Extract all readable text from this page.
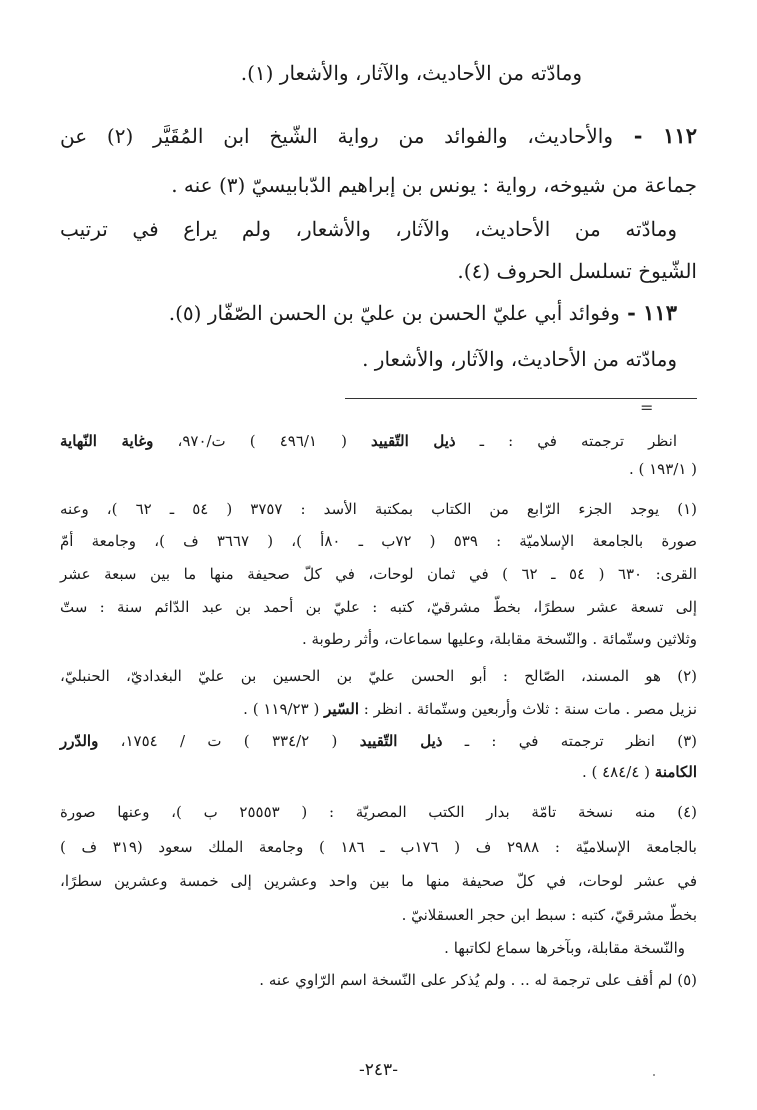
ومادّته من الأحاديث، والآثار، والأشعار (١).
١١٢ - والأحاديث، والفوائد من رواية الشّيخ ابن المُقَيَّر (٢) عن
جماعة من شيوخه، رواية : يونس بن إبراهيم الدّبابيسيّ (٣) عنه .
ومادّته من الأحاديث، والآثار، والأشعار، ولم يراع في ترتيب
الشّيوخ تسلسل الحروف (٤).
١١٣ - وفوائد أبي عليّ الحسن بن عليّ بن الحسن الصّفّار (٥).
ومادّته من الأحاديث، والآثار، والأشعار .
=
انظر ترجمته في : ـ ذيل التّقييد ( ٤٩٦/١ ) ت/٩٧٠، وغاية النّهاية
( ١٩٣/١ ) .
(١) يوجد الجزء الرّابع من الكتاب بمكتبة الأسد : ٣٧٥٧ ( ٥٤ ـ ٦٢ )، وعنه
صورة بالجامعة الإسلاميّة : ٥٣٩ ( ٧٢ب ـ ٨٠أ )، ( ٣٦٦٧ ف )، وجامعة أمّ
القرى: ٦٣٠ ( ٥٤ ـ ٦٢ ) في ثمان لوحات، في كلّ صحيفة منها ما بين سبعة عشر
إلى تسعة عشر سطرًا، بخطّ مشرقيّ، كتبه : عليّ بن أحمد بن عبد الدّائم سنة : ستّ
وثلاثين وستّمائة . والنّسخة مقابلة، وعليها سماعات، وأثر رطوبة .
(٢) هو المسند، الصّالح : أبو الحسن عليّ بن الحسين بن عليّ البغداديّ، الحنبليّ،
نزيل مصر . مات سنة : ثلاث وأربعين وستّمائة . انظر : السّير ( ١١٩/٢٣ ) .
(٣) انظر ترجمته في : ـ ذيل التّقييد ( ٣٣٤/٢ ) ت / ١٧٥٤، والدّرر
الكامنة ( ٤٨٤/٤ ) .
(٤) منه نسخة تامّة بدار الكتب المصريّة : ( ٢٥٥٥٣ ب )، وعنها صورة
بالجامعة الإسلاميّة : ٢٩٨٨ ف ( ١٧٦ب ـ ١٨٦ ) وجامعة الملك سعود (٣١٩ ف )
في عشر لوحات، في كلّ صحيفة منها ما بين واحد وعشرين إلى خمسة وعشرين سطرًا،
بخطّ مشرقيّ، كتبه : سبط ابن حجر العسقلانيّ .
والنّسخة مقابلة، وبآخرها سماع لكاتبها .
(٥) لم أقف على ترجمة له .. . ولم يُذكر على النّسخة اسم الرّاوي عنه .
-٢٤٣-
